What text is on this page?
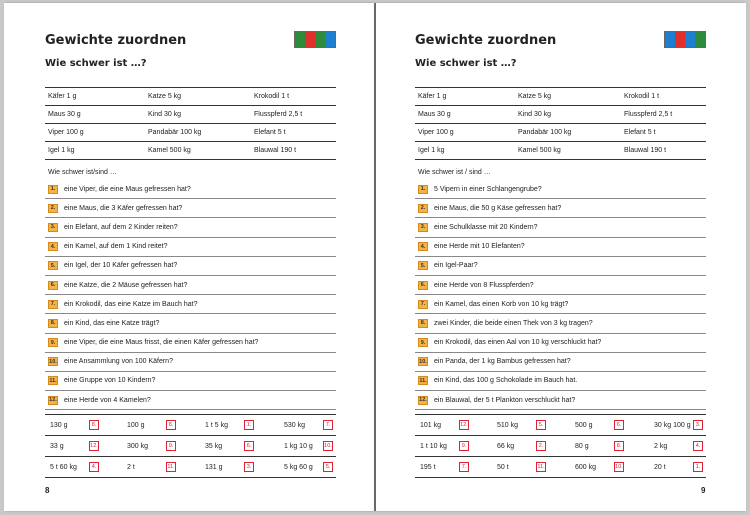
Gewichte zuordnen
Wie schwer ist …?
Käfer 1 g	Katze 5 kg	Krokodil 1 t
Maus 30 g	Kind 30 kg	Flusspferd 2,5 t
Viper 100 g	Pandabär 100 kg	Elefant 5 t
Igel 1 kg	Kamel 500 kg	Blauwal 190 t
Wie schwer ist/sind …
1.	eine Viper, die eine Maus gefressen hat?
2.	eine Maus, die 3 Käfer gefressen hat?
3.	ein Elefant, auf dem 2 Kinder reiten?
4.	ein Kamel, auf dem 1 Kind reitet?
5.	ein Igel, der 10 Käfer gefressen hat?
6.	eine Katze, die 2 Mäuse gefressen hat?
7.	ein Krokodil, das eine Katze im Bauch hat?
8.	ein Kind, das eine Katze trägt?
9.	eine Viper, die eine Maus frisst, die einen Käfer gefressen hat?
10. eine Ansammlung von 100 Käfern?
11. eine Gruppe von 10 Kindern?
12. eine Herde von 4 Kamelen?
130 g	8.	100 g	8.	1 t 5 kg	1.	530 kg	7.
33 g	12.	300 kg	9.	35 kg	6.	1 kg 10 g	10.
5 t 60 kg	4.	2 t	11.	131 g	3.	5 kg 60 g	5.
8
Gewichte zuordnen
Wie schwer ist …?
Käfer 1 g	Katze 5 kg	Krokodil 1 t
Maus 30 g	Kind 30 kg	Flusspferd 2,5 t
Viper 100 g	Pandabär 100 kg	Elefant 5 t
Igel 1 kg	Kamel 500 kg	Blauwal 190 t
Wie schwer ist / sind …
1.	5 Vipern in einer Schlangengrube?
2.	eine Maus, die 50 g Käse gefressen hat?
3.	eine Schulklasse mit 20 Kindern?
4.	eine Herde mit 10 Elefanten?
5.	ein Igel-Paar?
6.	eine Herde von 8 Flusspferden?
7.	ein Kamel, das einen Korb von 10 kg trägt?
8.	zwei Kinder, die beide einen Thek von 3 kg tragen?
9.	ein Krokodil, das einen Aal von 10 kg verschluckt hat?
10. ein Panda, der 1 kg Bambus gefressen hat?
11. ein Kind, das 100 g Schokolade im Bauch hat.
12. ein Blauwal, der 5 t Plankton verschluckt hat?
101 kg	12.	510 kg	5.	500 g	6.	30 kg 100 g 3.
1 t 10 kg	9.	66 kg	2.	80 g	8.	2 kg	4.
195 t	7.	50 t	11.	600 kg	10.	20 t	1.
9
